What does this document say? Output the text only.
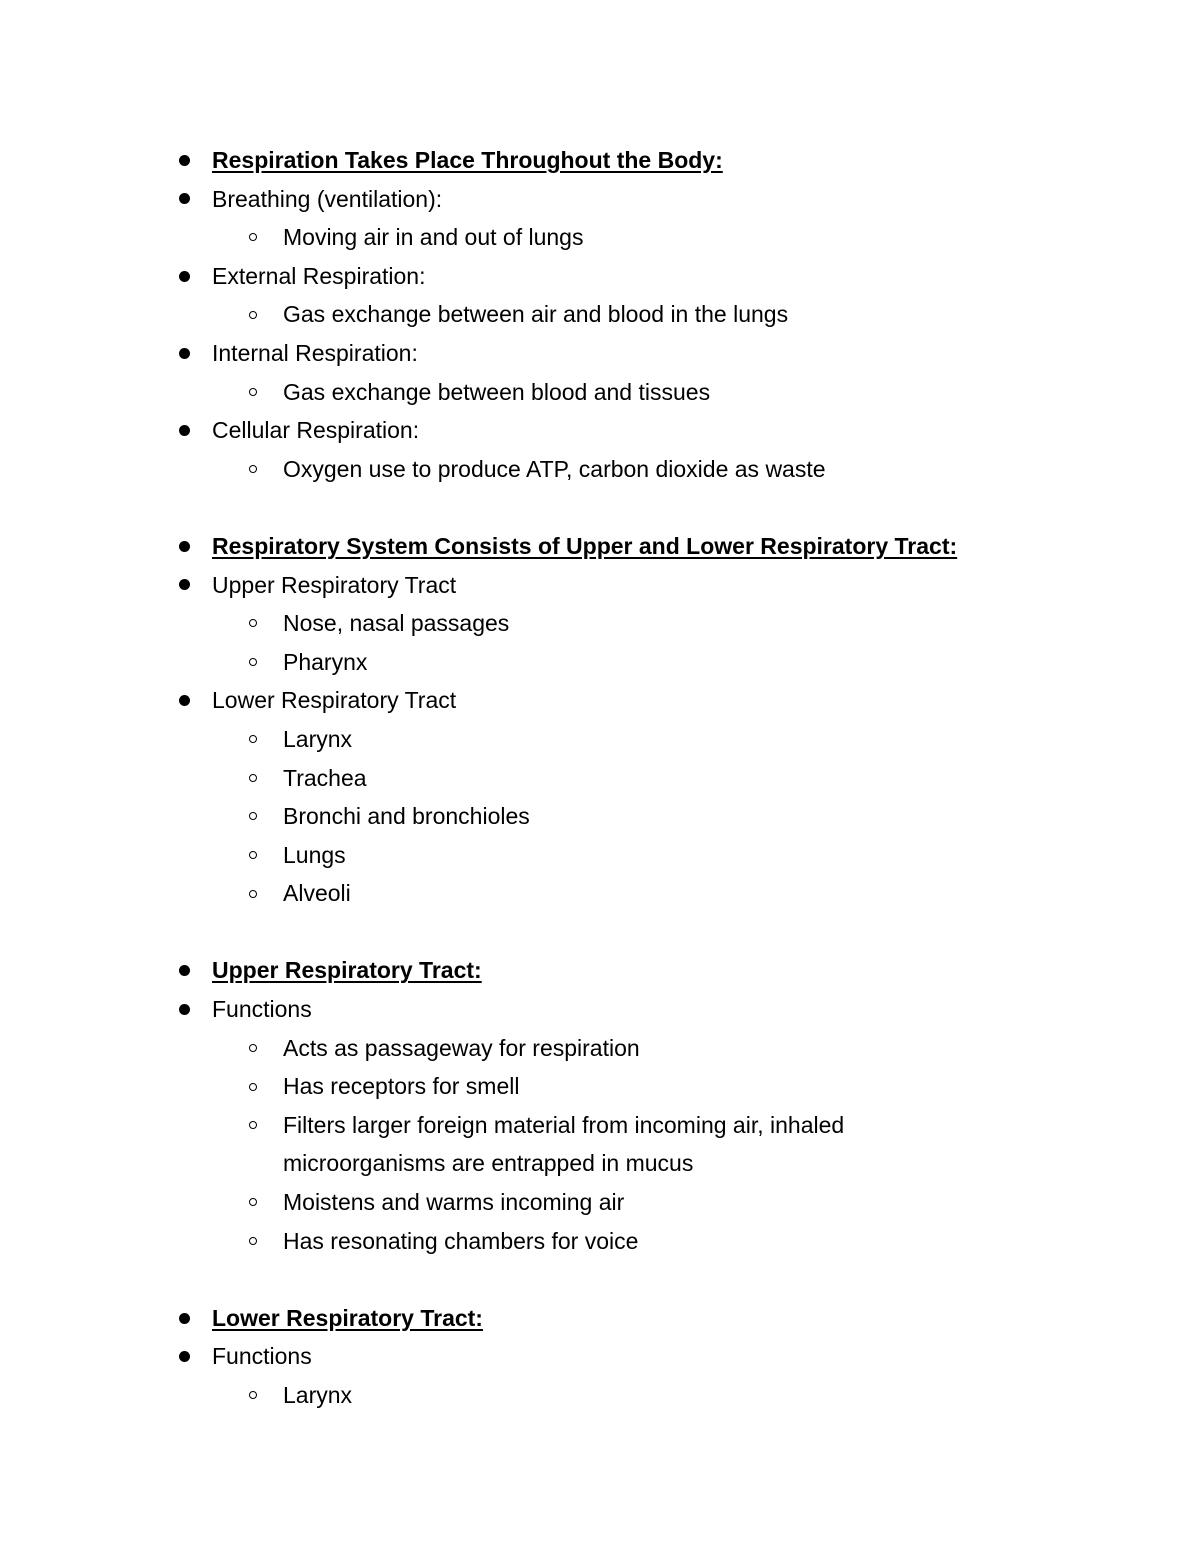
Respiration Takes Place Throughout the Body:
Breathing (ventilation):
Moving air in and out of lungs
External Respiration:
Gas exchange between air and blood in the lungs
Internal Respiration:
Gas exchange between blood and tissues
Cellular Respiration:
Oxygen use to produce ATP, carbon dioxide as waste
Respiratory System Consists of Upper and Lower Respiratory Tract:
Upper Respiratory Tract
Nose, nasal passages
Pharynx
Lower Respiratory Tract
Larynx
Trachea
Bronchi and bronchioles
Lungs
Alveoli
Upper Respiratory Tract:
Functions
Acts as passageway for respiration
Has receptors for smell
Filters larger foreign material from incoming air, inhaled
microorganisms are entrapped in mucus
Moistens and warms incoming air
Has resonating chambers for voice
Lower Respiratory Tract:
Functions
Larynx
